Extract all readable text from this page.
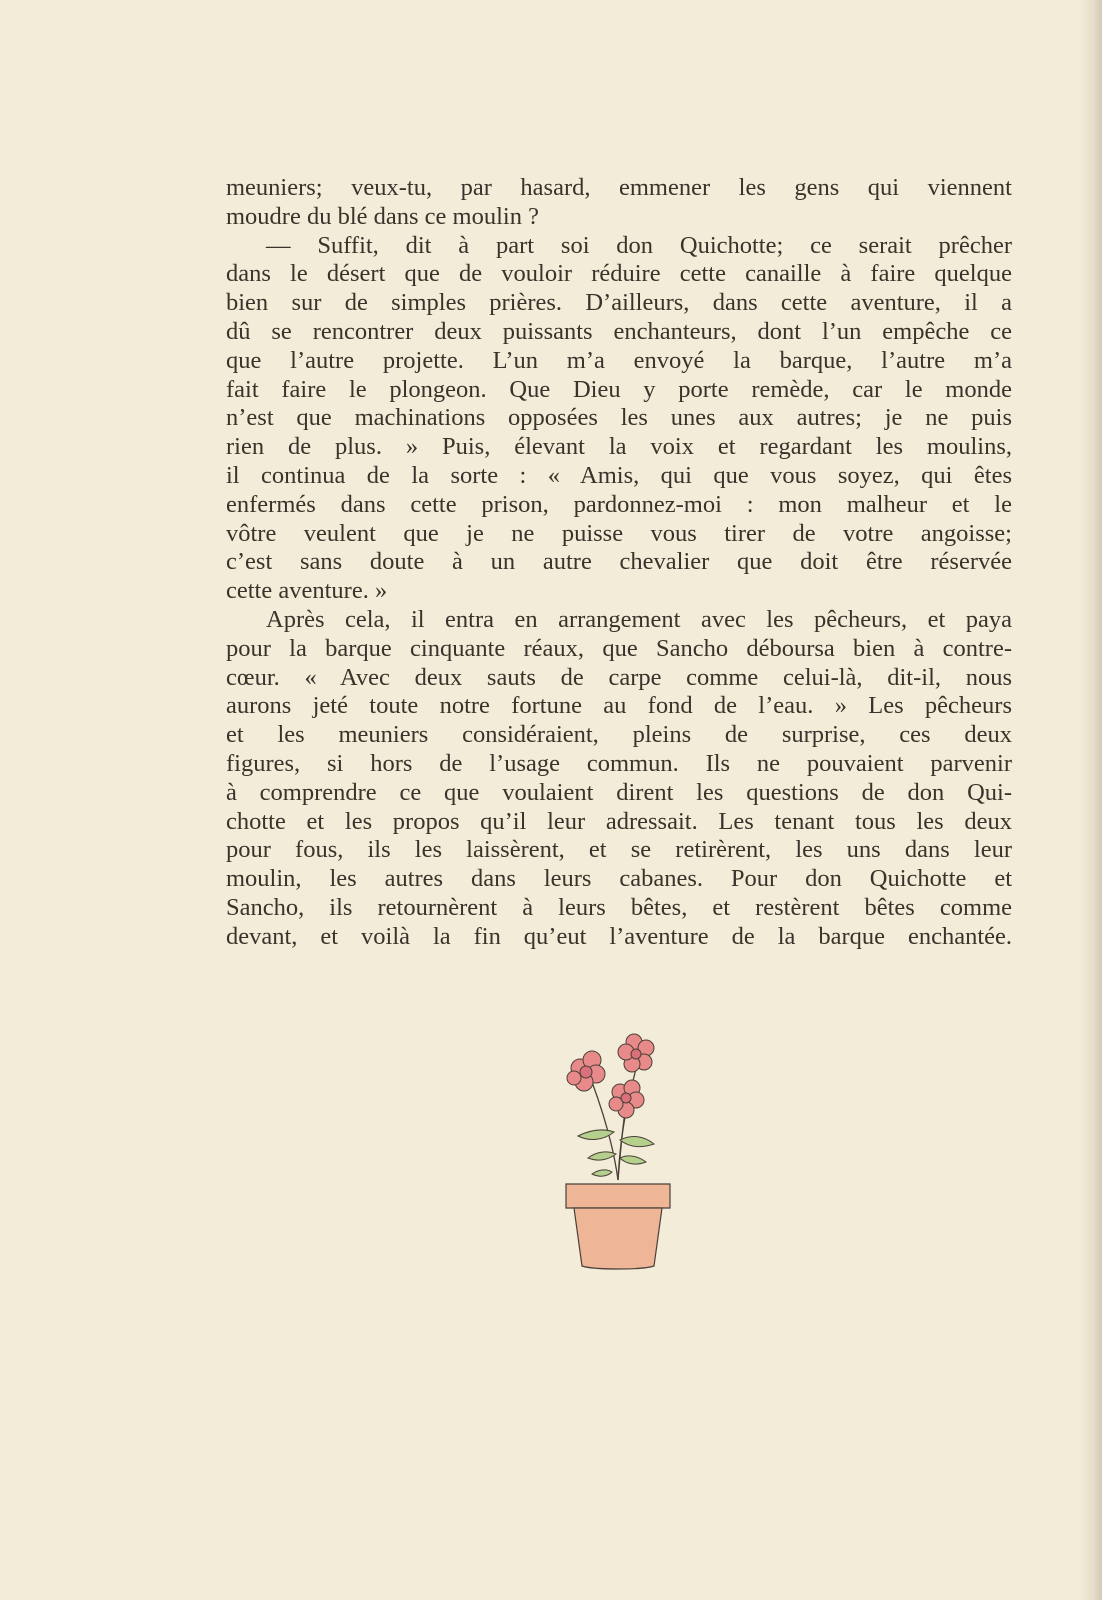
meuniers; veux-tu, par hasard, emmener les gens qui viennent
moudre du blé dans ce moulin ?
— Suffit, dit à part soi don Quichotte; ce serait prêcher
dans le désert que de vouloir réduire cette canaille à faire quelque
bien sur de simples prières. D’ailleurs, dans cette aventure, il a
dû se rencontrer deux puissants enchanteurs, dont l’un empêche ce
que l’autre projette. L’un m’a envoyé la barque, l’autre m’a
fait faire le plongeon. Que Dieu y porte remède, car le monde
n’est que machinations opposées les unes aux autres; je ne puis
rien de plus. » Puis, élevant la voix et regardant les moulins,
il continua de la sorte : « Amis, qui que vous soyez, qui êtes
enfermés dans cette prison, pardonnez-moi : mon malheur et le
vôtre veulent que je ne puisse vous tirer de votre angoisse;
c’est sans doute à un autre chevalier que doit être réservée
cette aventure. »
Après cela, il entra en arrangement avec les pêcheurs, et paya
pour la barque cinquante réaux, que Sancho déboursa bien à contre-
cœur. « Avec deux sauts de carpe comme celui-là, dit-il, nous
aurons jeté toute notre fortune au fond de l’eau. » Les pêcheurs
et les meuniers considéraient, pleins de surprise, ces deux
figures, si hors de l’usage commun. Ils ne pouvaient parvenir
à comprendre ce que voulaient dirent les questions de don Qui-
chotte et les propos qu’il leur adressait. Les tenant tous les deux
pour fous, ils les laissèrent, et se retirèrent, les uns dans leur
moulin, les autres dans leurs cabanes. Pour don Quichotte et
Sancho, ils retournèrent à leurs bêtes, et restèrent bêtes comme
devant, et voilà la fin qu’eut l’aventure de la barque enchantée.
